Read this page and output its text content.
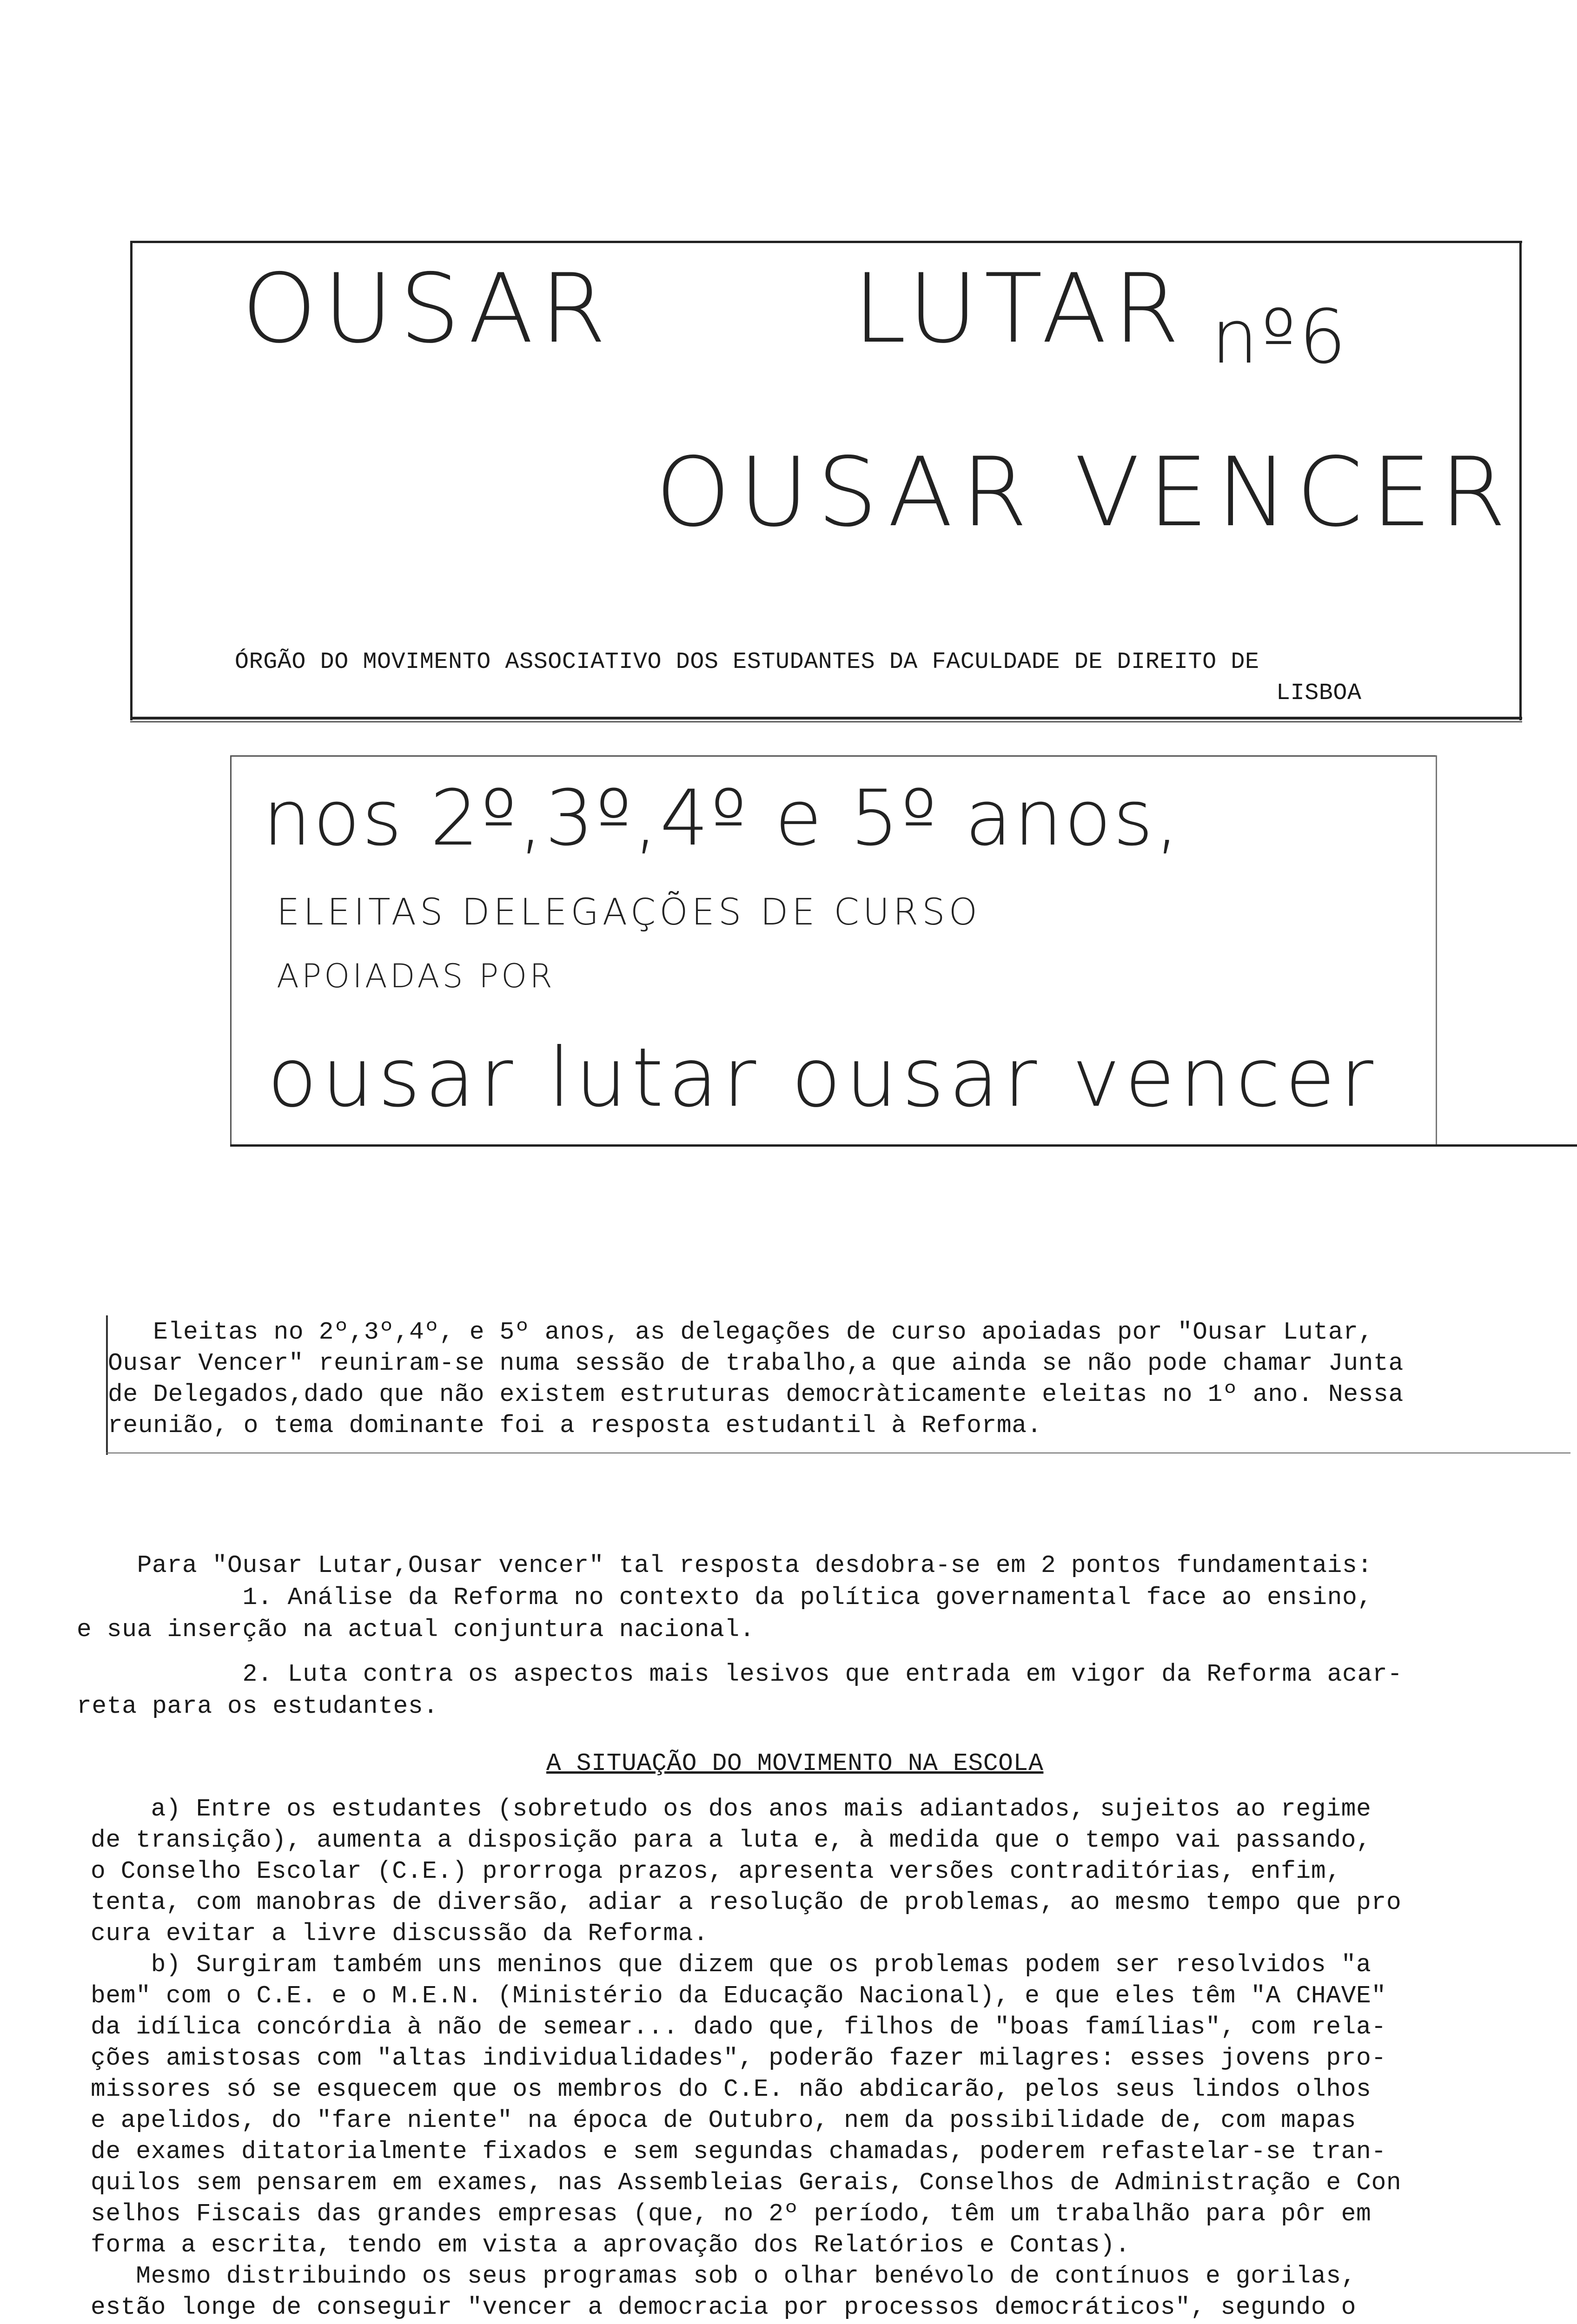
OUSAR	LUTAR nº6
OUSAR VENCER
ÓRGÃO DO MOVIMENTO ASSOCIATIVO DOS ESTUDANTES DA FACULDADE DE DIREITO DE
LISBOA
nos 2º,3º,4º e 5º anos,
ELEITAS DELEGAÇÕES DE CURSO
APOIADAS POR
ousar lutar ousar vencer
Eleitas no 2º,3º,4º, e 5º anos, as delegações de curso apoiadas por "Ousar Lutar,
Ousar Vencer" reuniram-se numa sessão de trabalho,a que ainda se não pode chamar Junta
de Delegados,dado que não existem estruturas democràticamente eleitas no 1º ano. Nessa
reunião, o tema dominante foi a resposta estudantil à Reforma.
Para "Ousar Lutar,Ousar vencer" tal resposta desdobra-se em 2 pontos fundamentais:
1. Análise da Reforma no contexto da política governamental face ao ensino,
e sua inserção na actual conjuntura nacional.
2. Luta contra os aspectos mais lesivos que entrada em vigor da Reforma acar-
reta para os estudantes.
A SITUAÇÃO DO MOVIMENTO NA ESCOLA
a) Entre os estudantes (sobretudo os dos anos mais adiantados, sujeitos ao regime
de transição), aumenta a disposição para a luta e, à medida que o tempo vai passando,
o Conselho Escolar (C.E.) prorroga prazos, apresenta versões contraditórias, enfim,
tenta, com manobras de diversão, adiar a resolução de problemas, ao mesmo tempo que pro
cura evitar a livre discussão da Reforma.
b) Surgiram também uns meninos que dizem que os problemas podem ser resolvidos "a
bem" com o C.E. e o M.E.N. (Ministério da Educação Nacional), e que eles têm "A CHAVE"
da idílica concórdia à não de semear... dado que, filhos de "boas famílias", com rela-
ções amistosas com "altas individualidades", poderão fazer milagres: esses jovens pro-
missores só se esquecem que os membros do C.E. não abdicarão, pelos seus lindos olhos
e apelidos, do "fare niente" na época de Outubro, nem da possibilidade de, com mapas
de exames ditatorialmente fixados e sem segundas chamadas, poderem refastelar-se tran-
quilos sem pensarem em exames, nas Assembleias Gerais, Conselhos de Administração e Con
selhos Fiscais das grandes empresas (que, no 2º período, têm um trabalhão para pôr em
forma a escrita, tendo em vista a aprovação dos Relatórios e Contas).
Mesmo distribuindo os seus programas sob o olhar benévolo de contínuos e gorilas,
estão longe de conseguir "vencer a democracia por processos democráticos", segundo o
